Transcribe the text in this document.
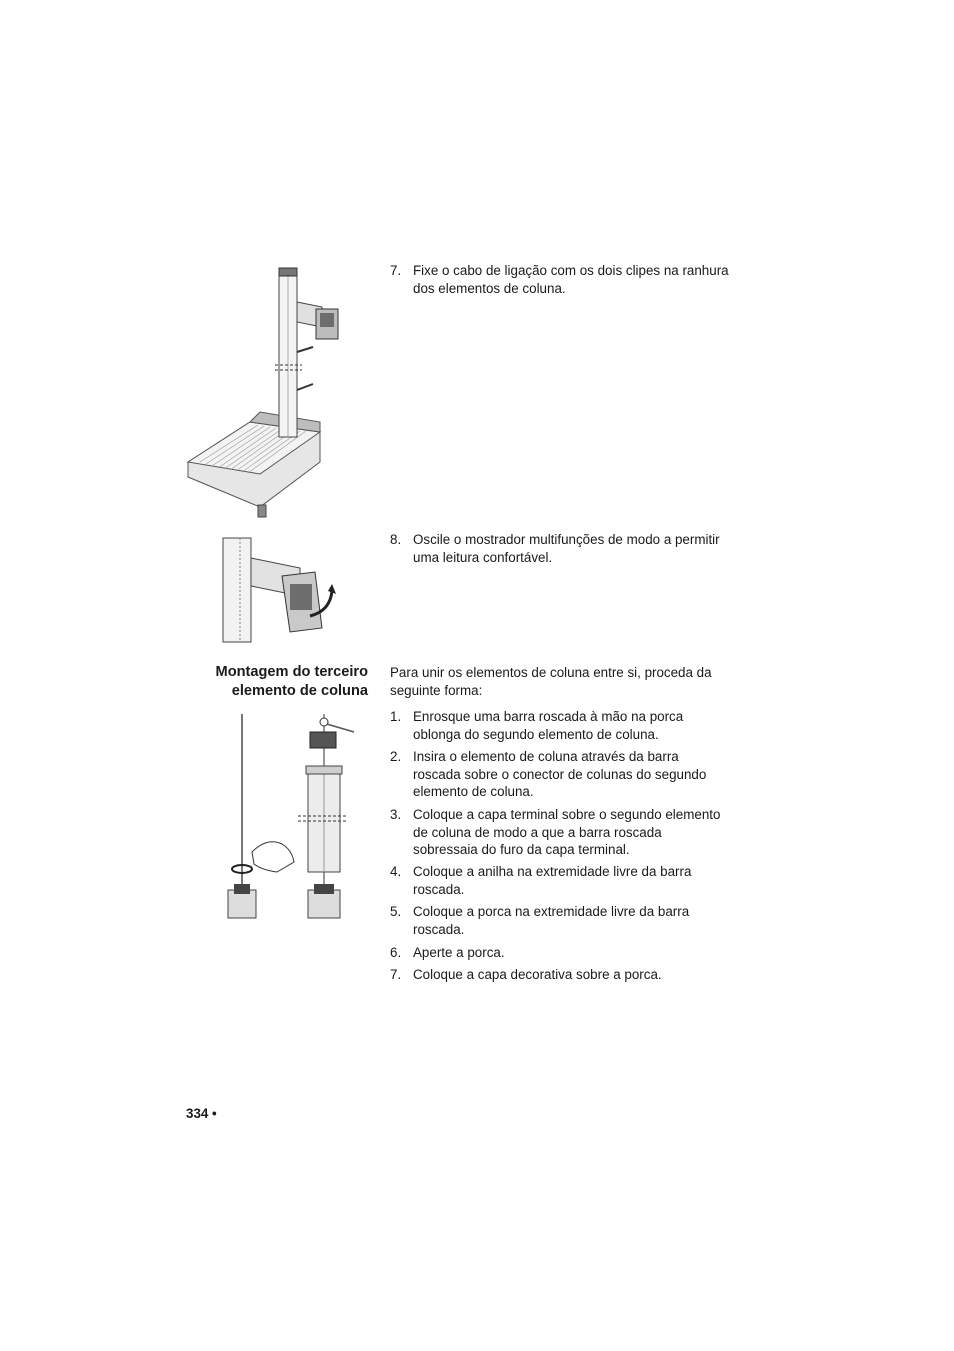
7. Fixe o cabo de ligação com os dois clipes na ranhura dos elementos de coluna.
8. Oscile o mostrador multifunções de modo a permitir uma leitura confortável.
Montagem do terceiro
elemento de coluna
Para unir os elementos de coluna entre si, proceda da seguinte forma:
1. Enrosque uma barra roscada à mão na porca oblonga do segundo elemento de coluna.
2. Insira o elemento de coluna através da barra roscada sobre o conector de colunas do segundo elemento de coluna.
3. Coloque a capa terminal sobre o segundo elemento de coluna de modo a que a barra roscada sobressaia do furo da capa terminal.
4. Coloque a anilha na extremidade livre da barra roscada.
5. Coloque a porca na extremidade livre da barra roscada.
6. Aperte a porca.
7. Coloque a capa decorativa sobre a porca.
334 •
